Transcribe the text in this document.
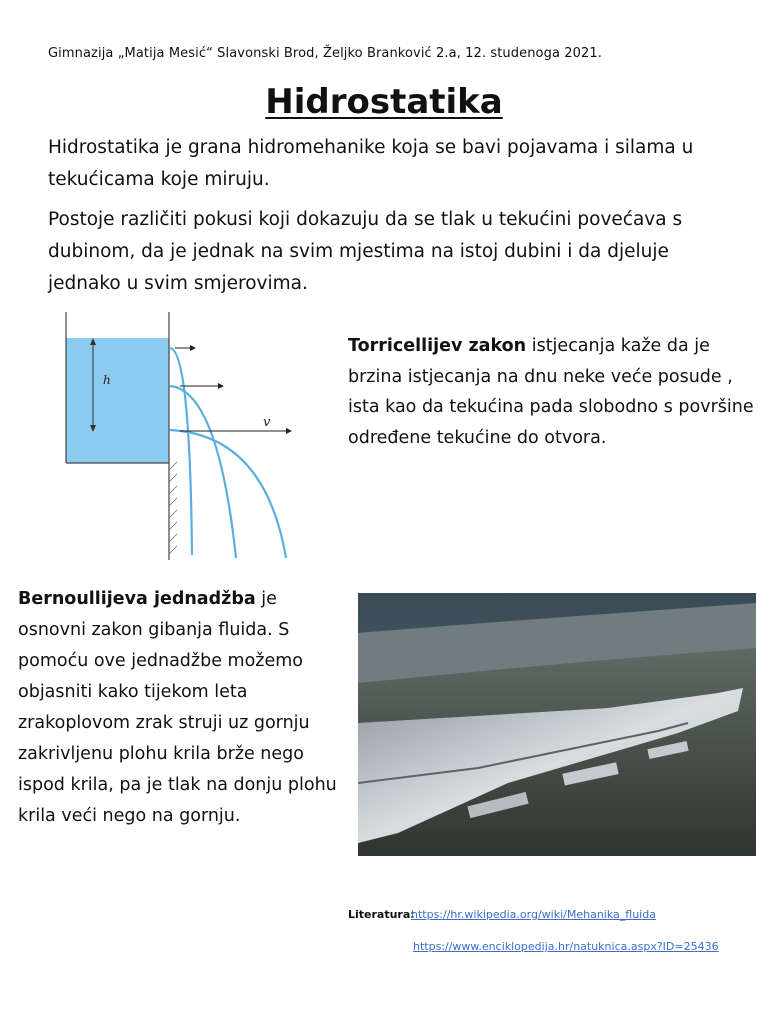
Gimnazija „Matija Mesić“ Slavonski Brod, Željko Branković 2.a, 12. studenoga 2021.
Hidrostatika
Hidrostatika je grana hidromehanike koja se bavi pojavama i silama u tekućicama koje miruju.
Postoje različiti pokusi koji dokazuju da se tlak u tekućini povećava s dubinom, da je jednak na svim mjestima na istoj dubini i da djeluje jednako u svim smjerovima.
h
v
Torricellijev zakon istjecanja kaže da je brzina istjecanja na dnu neke veće posude , ista kao da tekućina pada slobodno s površine određene tekućine do otvora.
Bernoullijeva jednadžba je osnovni zakon gibanja fluida. S pomoću ove jednadžbe možemo objasniti kako tijekom leta zrakoplovom zrak struji uz gornju zakrivljenu plohu krila brže nego ispod krila, pa je tlak na donju plohu krila veći nego na gornju.
Literatura:
https://hr.wikipedia.org/wiki/Mehanika_fluida
https://www.enciklopedija.hr/natuknica.aspx?ID=25436
